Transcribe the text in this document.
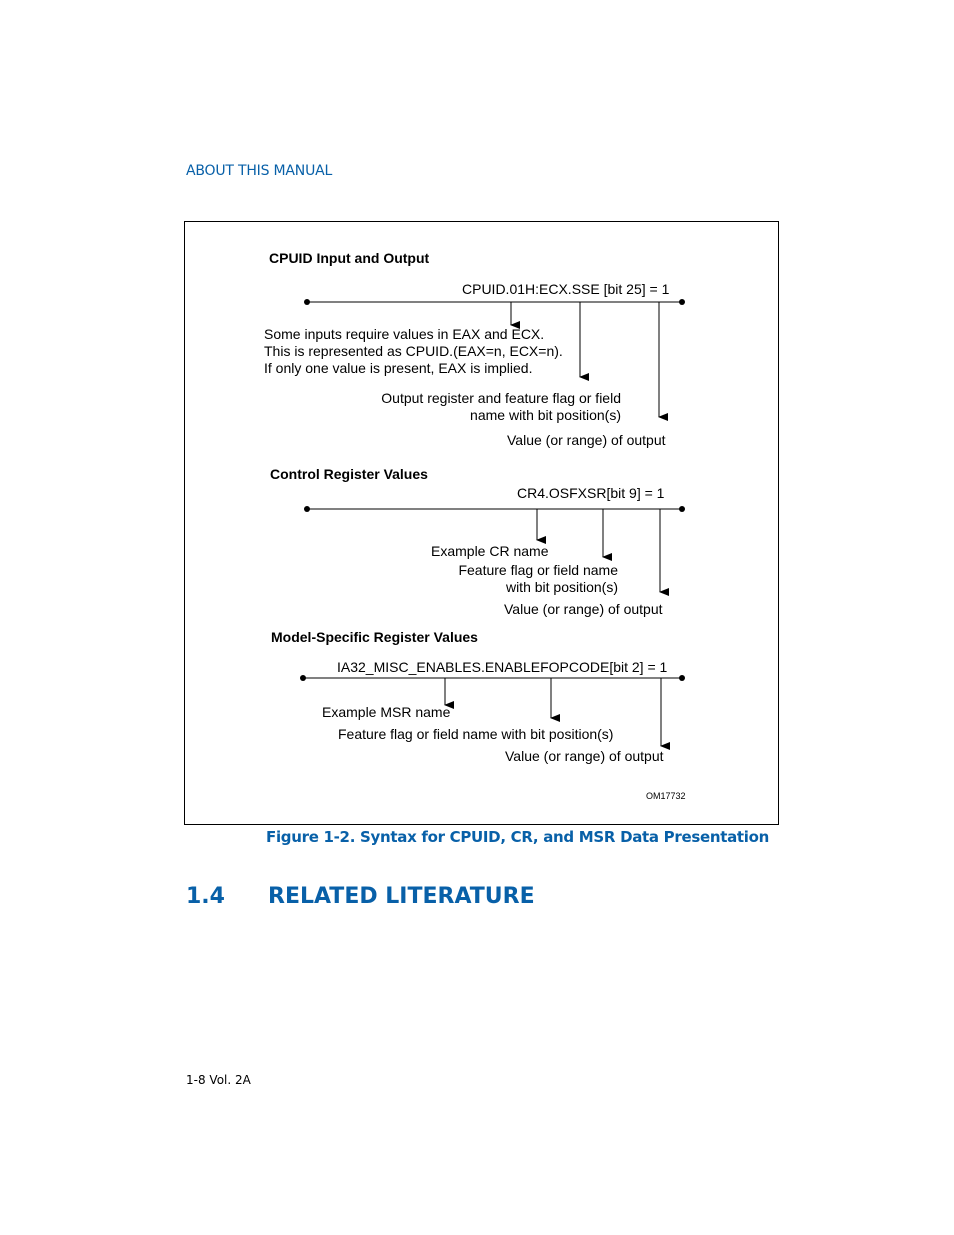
ABOUT THIS MANUAL
CPUID Input and Output
CPUID.01H:ECX.SSE [bit 25] = 1
Some inputs require values in EAX and ECX.
This is represented as CPUID.(EAX=n, ECX=n).
If only one value is present, EAX is implied.
Output register and feature flag or field
name with bit position(s)
Value (or range) of output
Control Register Values
CR4.OSFXSR[bit 9] = 1
Example CR name
Feature flag or field name
with bit position(s)
Value (or range) of output
Model-Specific Register Values
IA32_MISC_ENABLES.ENABLEFOPCODE[bit 2] = 1
Example MSR name
Feature flag or field name with bit position(s)
Value (or range) of output
OM17732
Figure 1-2. Syntax for CPUID, CR, and MSR Data Presentation
1.4 RELATED LITERATURE
1-8 Vol. 2A
